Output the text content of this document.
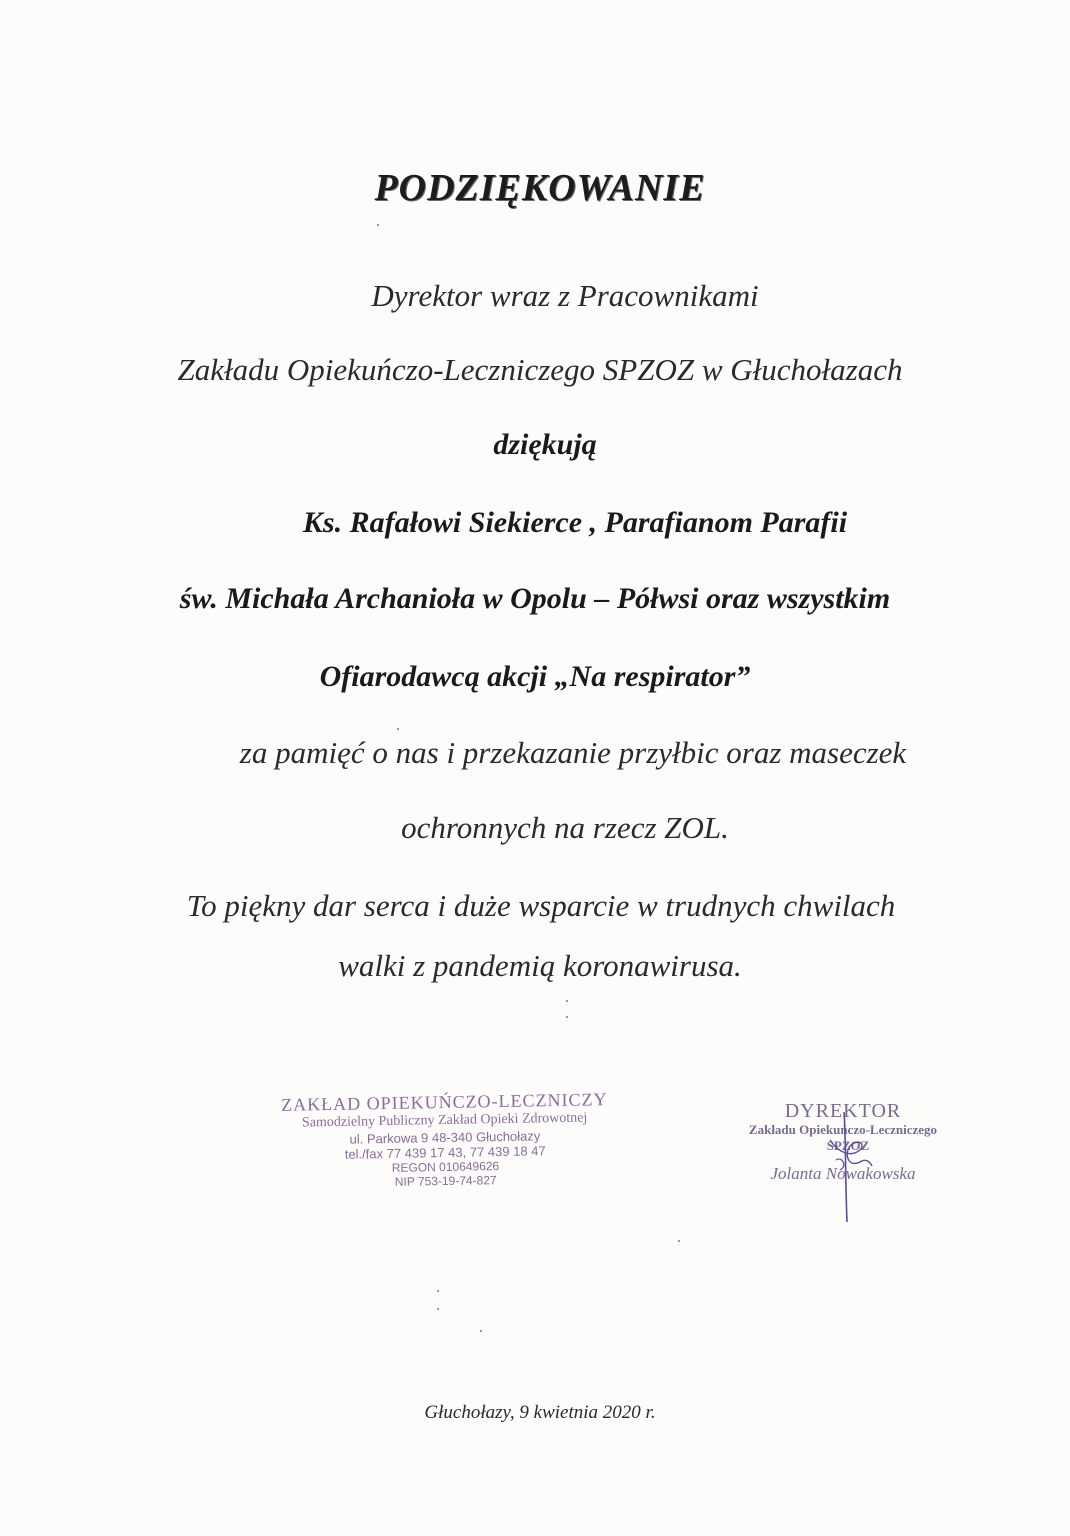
PODZIĘKOWANIE
Dyrektor wraz z Pracownikami
Zakładu Opiekuńczo-Leczniczego SPZOZ w Głuchołazach
dziękują
Ks. Rafałowi Siekierce , Parafianom Parafii
św. Michała Archanioła w Opolu – Półwsi oraz wszystkim
Ofiarodawcą akcji „Na respirator”
za pamięć o nas i przekazanie przyłbic oraz maseczek
ochronnych na rzecz ZOL.
To piękny dar serca i duże wsparcie w trudnych chwilach
walki z pandemią koronawirusa.
ZAKŁAD OPIEKUŃCZO-LECZNICZY
Samodzielny Publiczny Zakład Opieki Zdrowotnej
ul. Parkowa 9 48-340 Głuchołazy
tel./fax 77 439 17 43, 77 439 18 47
REGON 010649626
NIP 753-19-74-827
DYREKTOR
Zakładu Opiekuńczo-Leczniczego
SPZOZ
Jolanta Nowakowska
Głuchołazy, 9 kwietnia 2020 r.
